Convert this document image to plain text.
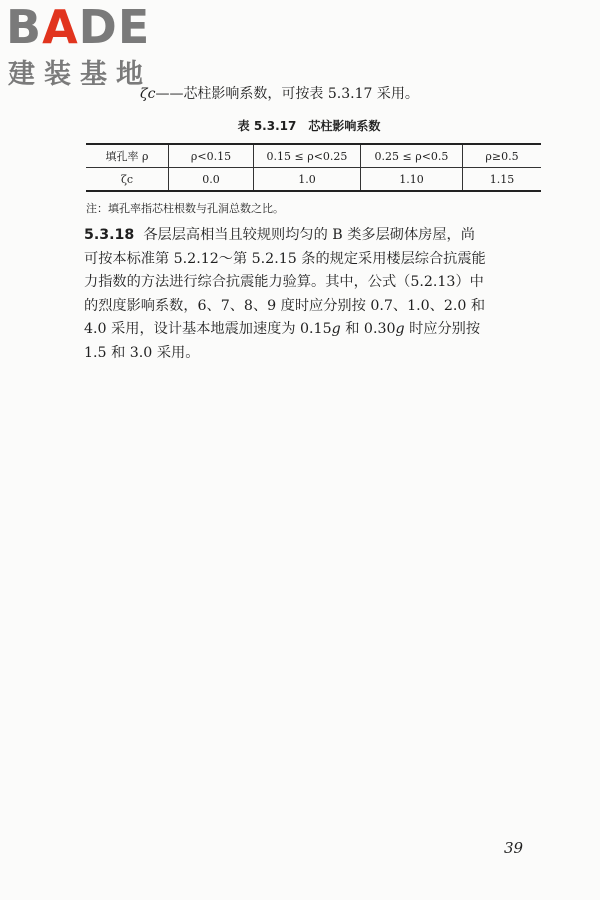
BADE
建装基地
ζc——芯柱影响系数，可按表 5.3.17 采用。
表 5.3.17 芯柱影响系数
填孔率 ρ	ρ<0.15	0.15 ≤ ρ<0.25	0.25 ≤ ρ<0.5	ρ≥0.5
ζc	0.0	1.0	1.10	1.15
注：填孔率指芯柱根数与孔洞总数之比。

5.3.18 各层层高相当且较规则均匀的 B 类多层砌体房屋，尚

可按本标准第 5.2.12～第 5.2.15 条的规定采用楼层综合抗震能

力指数的方法进行综合抗震能力验算。其中，公式（5.2.13）中

的烈度影响系数，6、7、8、9 度时应分别按 0.7、1.0、2.0 和

4.0 采用，设计基本地震加速度为 0.15g 和 0.30g 时应分别按

1.5 和 3.0 采用。

39
